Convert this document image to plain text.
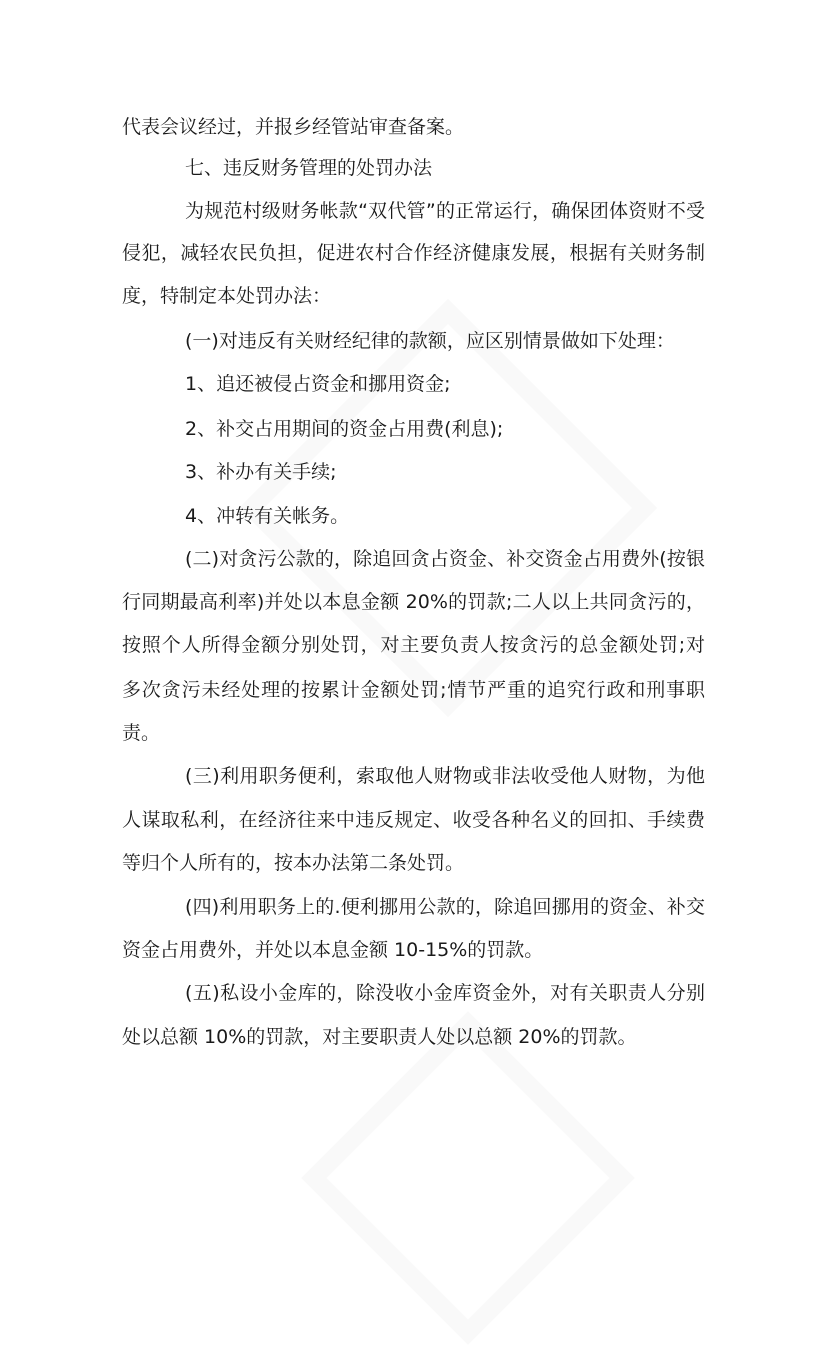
代表会议经过，并报乡经管站审查备案。
七、违反财务管理的处罚办法
为规范村级财务帐款“双代管”的正常运行，确保团体资财不受
侵犯，减轻农民负担，促进农村合作经济健康发展，根据有关财务制
度，特制定本处罚办法：
(一)对违反有关财经纪律的款额，应区别情景做如下处理：
1、追还被侵占资金和挪用资金;
2、补交占用期间的资金占用费(利息);
3、补办有关手续;
4、冲转有关帐务。
(二)对贪污公款的，除追回贪占资金、补交资金占用费外(按银
行同期最高利率)并处以本息金额 20%的罚款;二人以上共同贪污的，
按照个人所得金额分别处罚，对主要负责人按贪污的总金额处罚;对
多次贪污未经处理的按累计金额处罚;情节严重的追究行政和刑事职
责。
(三)利用职务便利，索取他人财物或非法收受他人财物，为他
人谋取私利，在经济往来中违反规定、收受各种名义的回扣、手续费
等归个人所有的，按本办法第二条处罚。
(四)利用职务上的.便利挪用公款的，除追回挪用的资金、补交
资金占用费外，并处以本息金额 10-15%的罚款。
(五)私设小金库的，除没收小金库资金外，对有关职责人分别
处以总额 10%的罚款，对主要职责人处以总额 20%的罚款。
